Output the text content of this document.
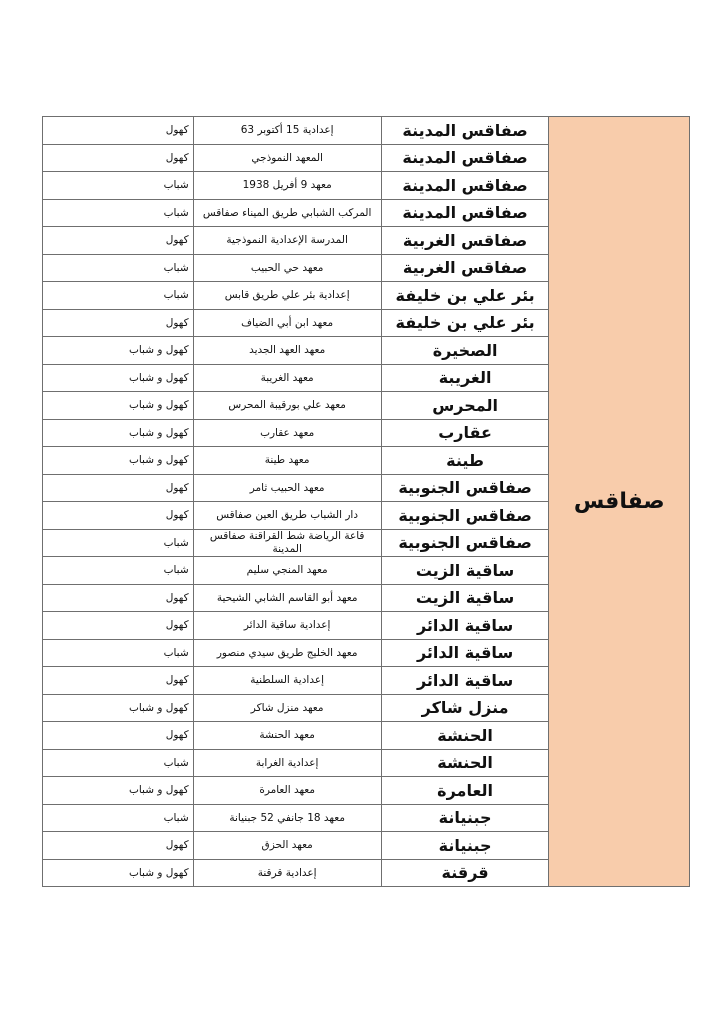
صفاقس	صفاقس المدينة	إعدادية 15 أكتوبر 63	كهول
	صفاقس المدينة	المعهد النموذجي	كهول
	صفاقس المدينة	معهد 9 أفريل 1938	شباب
	صفاقس المدينة	المركب الشبابي طريق الميناء صفاقس	شباب
	صفاقس الغربية	المدرسة الإعدادية النموذجية	كهول
	صفاقس الغربية	معهد حي الحبيب	شباب
	بئر علي بن خليفة	إعدادية بئر علي طريق قابس	شباب
	بئر علي بن خليفة	معهد ابن أبي الضياف	كهول
	الصخيرة	معهد العهد الجديد	كهول و شباب
	الغريبة	معهد الغريبة	كهول و شباب
	المحرس	معهد علي بورقيبة المحرس	كهول و شباب
	عقارب	معهد عقارب	كهول و شباب
	طينة	معهد طينة	كهول و شباب
	صفاقس الجنوبية	معهد الحبيب ثامر	كهول
	صفاقس الجنوبية	دار الشباب طريق العين صفاقس	كهول
	صفاقس الجنوبية	قاعة الرياضة شط القراقنة صفاقس المدينة	شباب
	ساقية الزيت	معهد المنجي سليم	شباب
	ساقية الزيت	معهد أبو القاسم الشابي الشيحية	كهول
	ساقية الدائر	إعدادية ساقية الدائر	كهول
	ساقية الدائر	معهد الخليج طريق سيدي منصور	شباب
	ساقية الدائر	إعدادية السلطنية	كهول
	منزل شاكر	معهد منزل شاكر	كهول و شباب
	الحنشة	معهد الحنشة	كهول
	الحنشة	إعدادية الغرابة	شباب
	العامرة	معهد العامرة	كهول و شباب
	جبنيانة	معهد 18 جانفي 52 جبنيانة	شباب
	جبنيانة	معهد الحزق	كهول
	قرقنة	إعدادية قرقنة	كهول و شباب
